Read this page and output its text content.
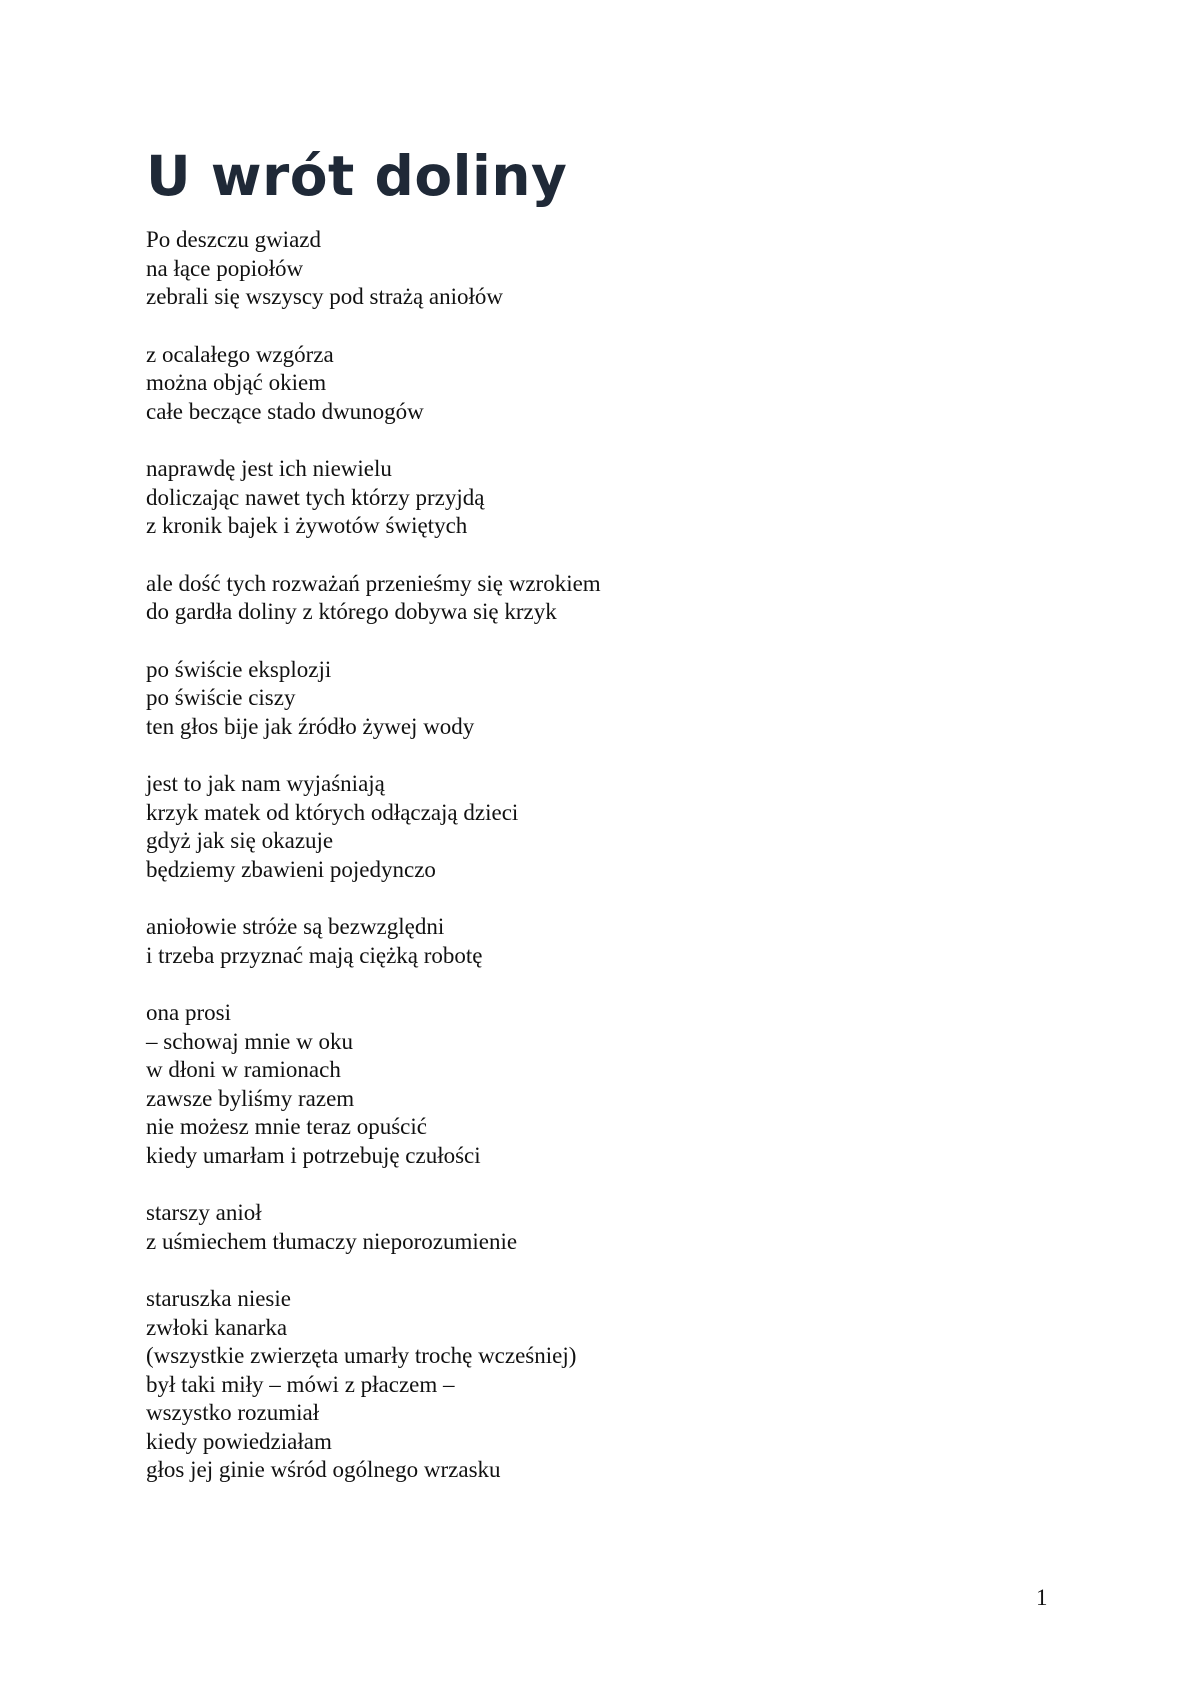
U wrót doliny
Po deszczu gwiazd
na łące popiołów
zebrali się wszyscy pod strażą aniołów
z ocalałego wzgórza
można objąć okiem
całe beczące stado dwunogów
naprawdę jest ich niewielu
doliczając nawet tych którzy przyjdą
z kronik bajek i żywotów świętych
ale dość tych rozważań przenieśmy się wzrokiem
do gardła doliny z którego dobywa się krzyk
po świście eksplozji
po świście ciszy
ten głos bije jak źródło żywej wody
jest to jak nam wyjaśniają
krzyk matek od których odłączają dzieci
gdyż jak się okazuje
będziemy zbawieni pojedynczo
aniołowie stróże są bezwzględni
i trzeba przyznać mają ciężką robotę
ona prosi
– schowaj mnie w oku
w dłoni w ramionach
zawsze byliśmy razem
nie możesz mnie teraz opuścić
kiedy umarłam i potrzebuję czułości
starszy anioł
z uśmiechem tłumaczy nieporozumienie
staruszka niesie
zwłoki kanarka
(wszystkie zwierzęta umarły trochę wcześniej)
był taki miły – mówi z płaczem –
wszystko rozumiał
kiedy powiedziałam
głos jej ginie wśród ogólnego wrzasku
1
